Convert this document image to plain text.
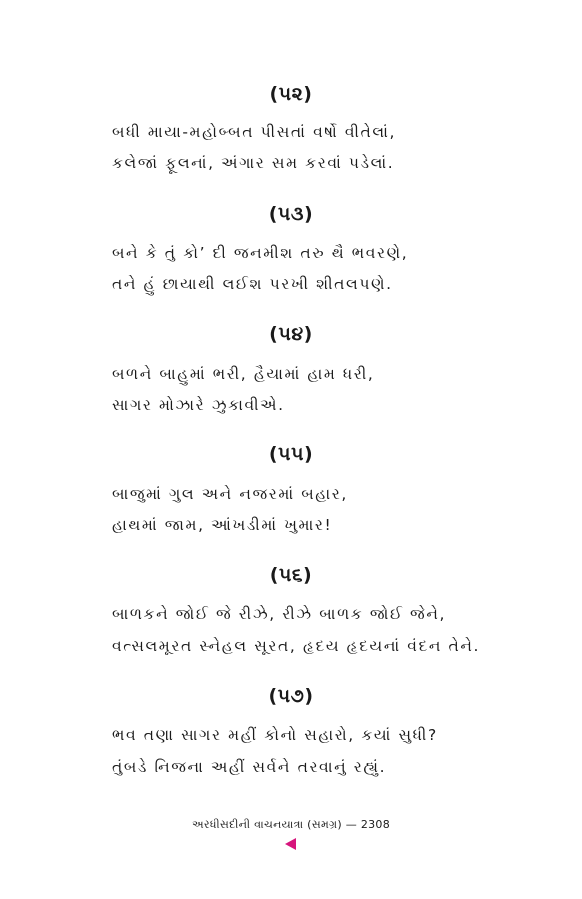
(૫૨)
બધી માયા-મહોબ્બત પીસતાં વર્ષો વીતેલાં,
કલેજાં ફૂલનાં, અંગાર સમ કરવાં પડેલાં.
(૫૩)
બને કે તું કો’ દી જનમીશ તરુ થૈ ભવરણે,
તને હું છાયાથી લઈશ પરખી શીતલપણે.
(૫૪)
બળને બાહુમાં ભરી, હૈયામાં હામ ધરી,
સાગર મોઝારે ઝુકાવીએ.
(૫૫)
બાજુમાં ગુલ અને નજરમાં બહાર,
હાથમાં જામ, આંખડીમાં ખુમાર!
(૫૬)
બાળકને જોઈ જે રીઝે, રીઝે બાળક જોઈ જેને,
વત્સલમૂરત સ્નેહલ સૂરત, હૃદય હૃદયનાં વંદન તેને.
(૫૭)
ભવ તણા સાગર મહીં કોનો સહારો, કયાં સુધી?
તુંબડે નિજના અહીં સર્વને તરવાનું રહ્યું.
અરધીસદીની વાચનયાત્રા (સમગ્ર) — 2308
